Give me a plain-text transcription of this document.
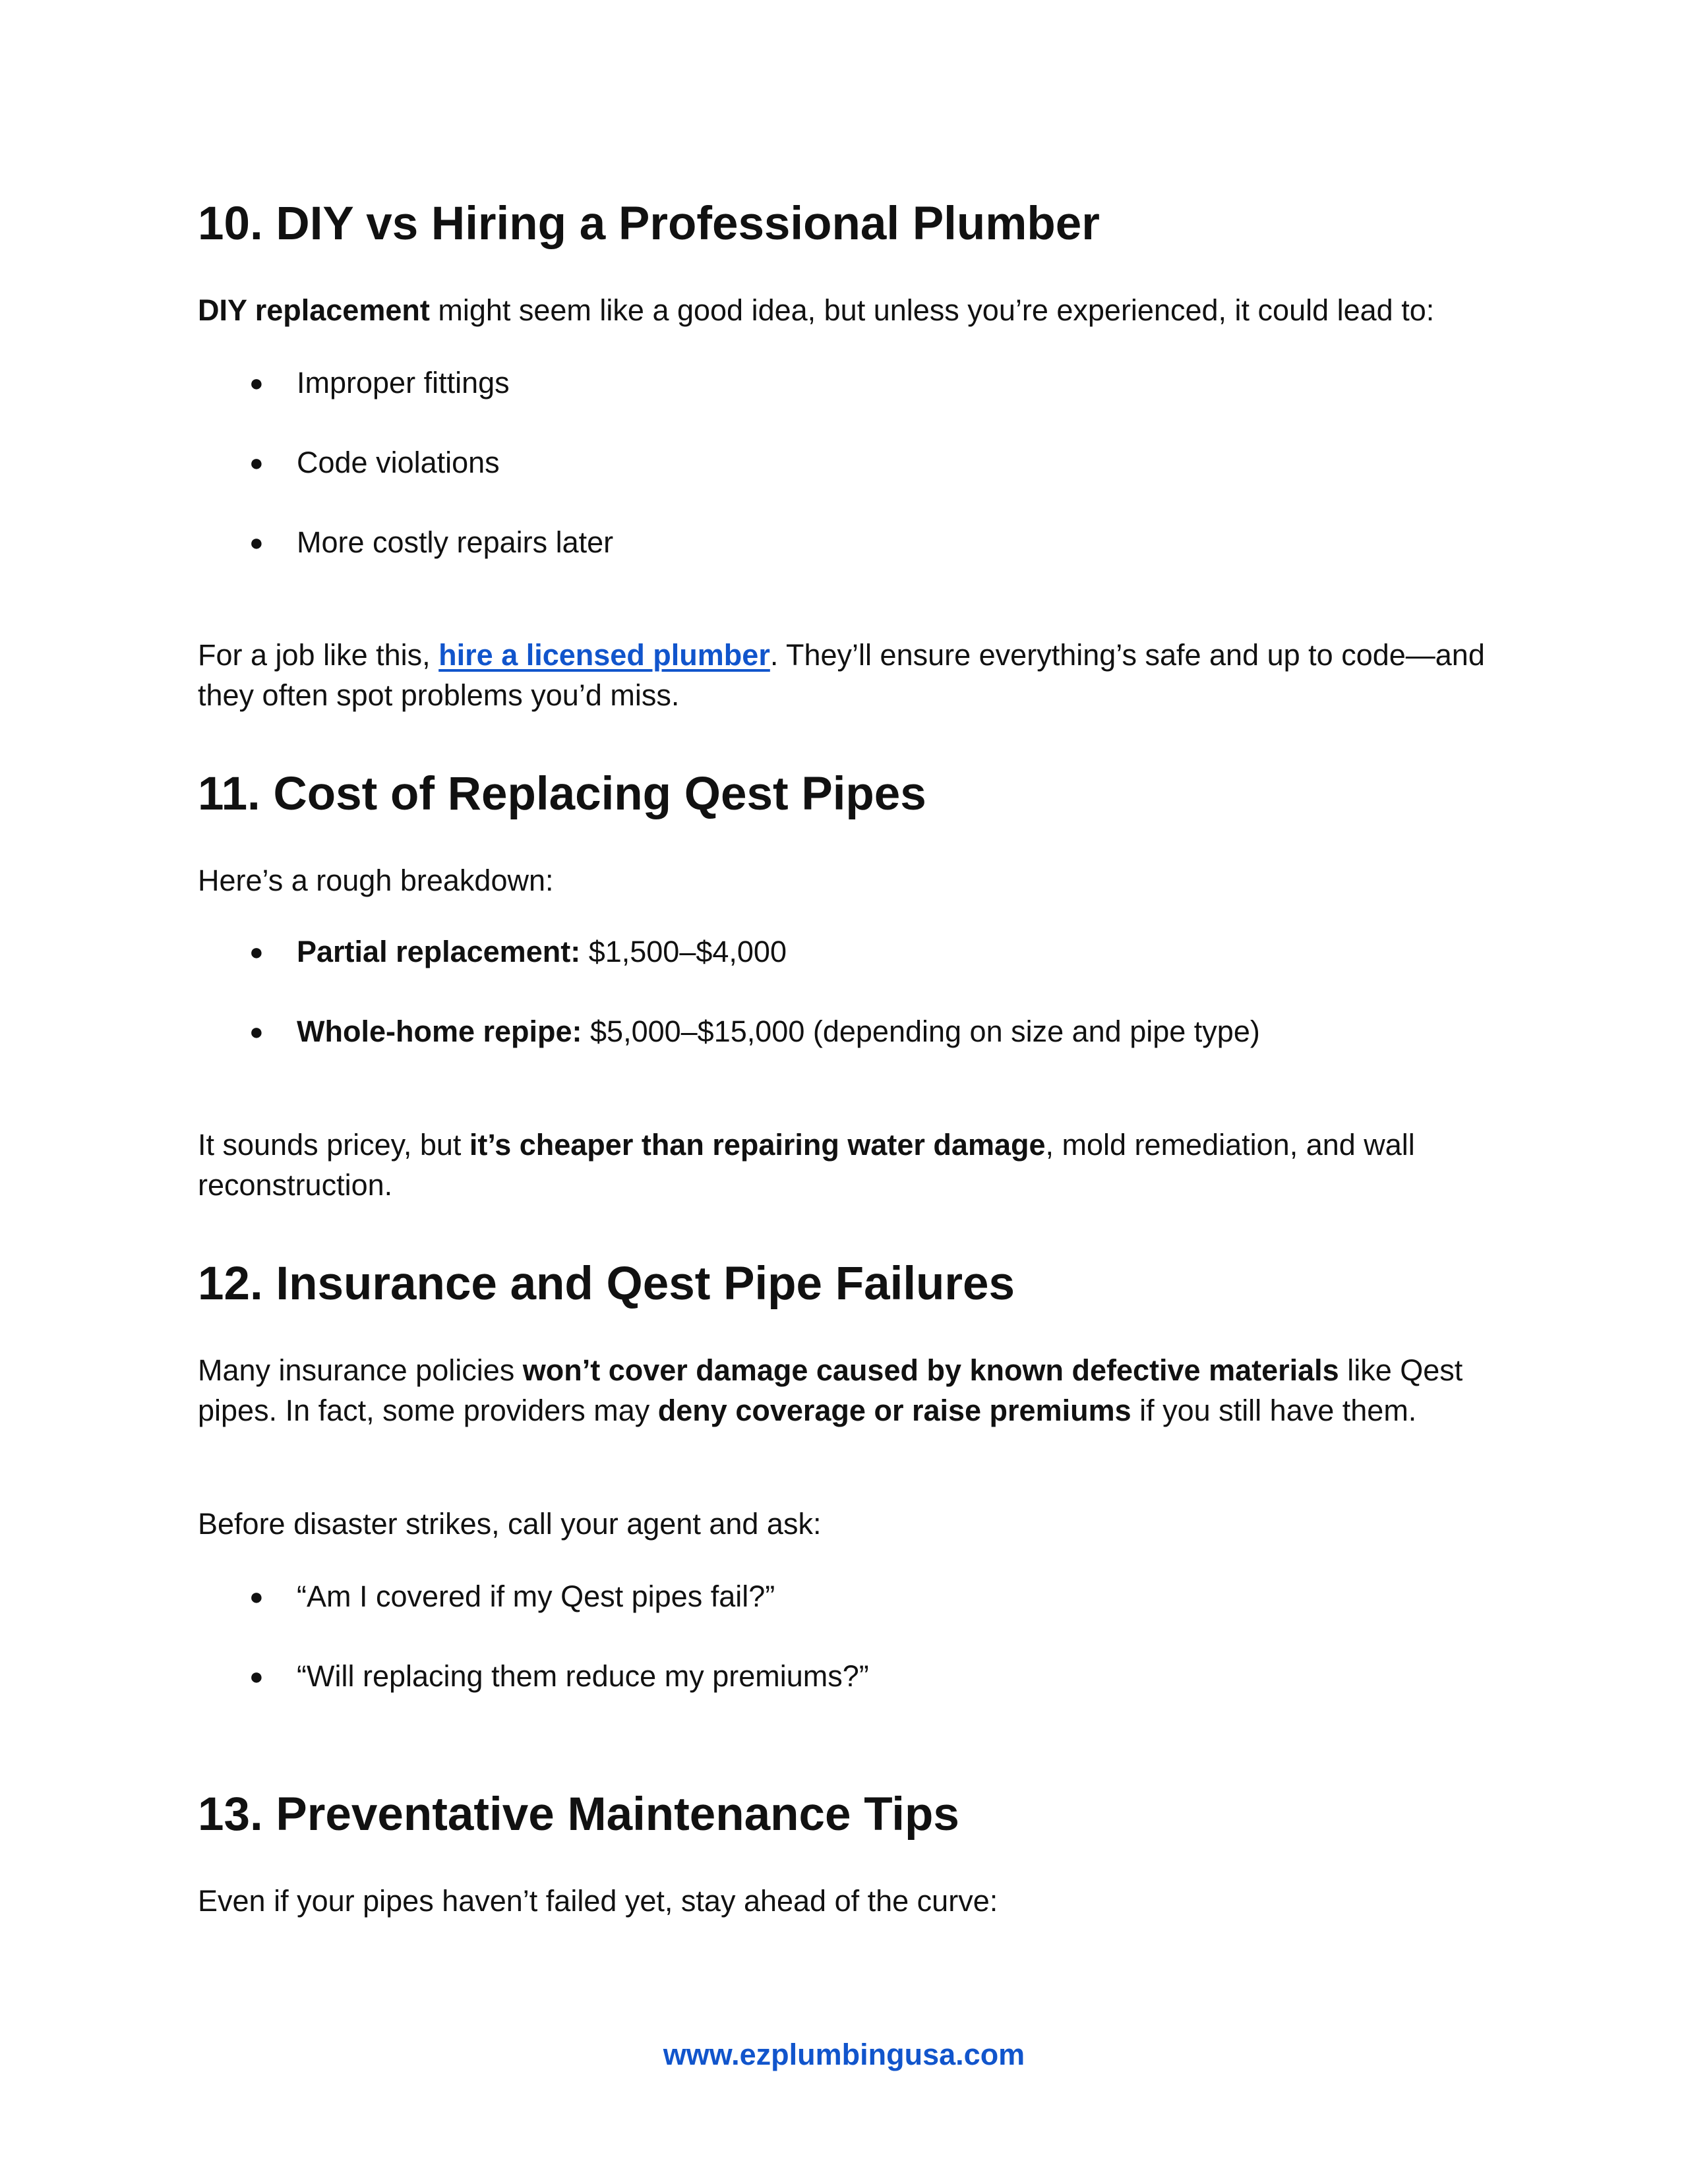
10. DIY vs Hiring a Professional Plumber

DIY replacement might seem like a good idea, but unless you’re experienced, it could lead to:

● Improper fittings
● Code violations
● More costly repairs later

For a job like this, hire a licensed plumber. They’ll ensure everything’s safe and up to code—and they often spot problems you’d miss.

11. Cost of Replacing Qest Pipes

Here’s a rough breakdown:

● Partial replacement: $1,500–$4,000
● Whole-home repipe: $5,000–$15,000 (depending on size and pipe type)

It sounds pricey, but it’s cheaper than repairing water damage, mold remediation, and wall reconstruction.

12. Insurance and Qest Pipe Failures

Many insurance policies won’t cover damage caused by known defective materials like Qest pipes. In fact, some providers may deny coverage or raise premiums if you still have them.

Before disaster strikes, call your agent and ask:

● “Am I covered if my Qest pipes fail?”
● “Will replacing them reduce my premiums?”
13. Preventative Maintenance Tips

Even if your pipes haven’t failed yet, stay ahead of the curve:

www.ezplumbingusa.com
